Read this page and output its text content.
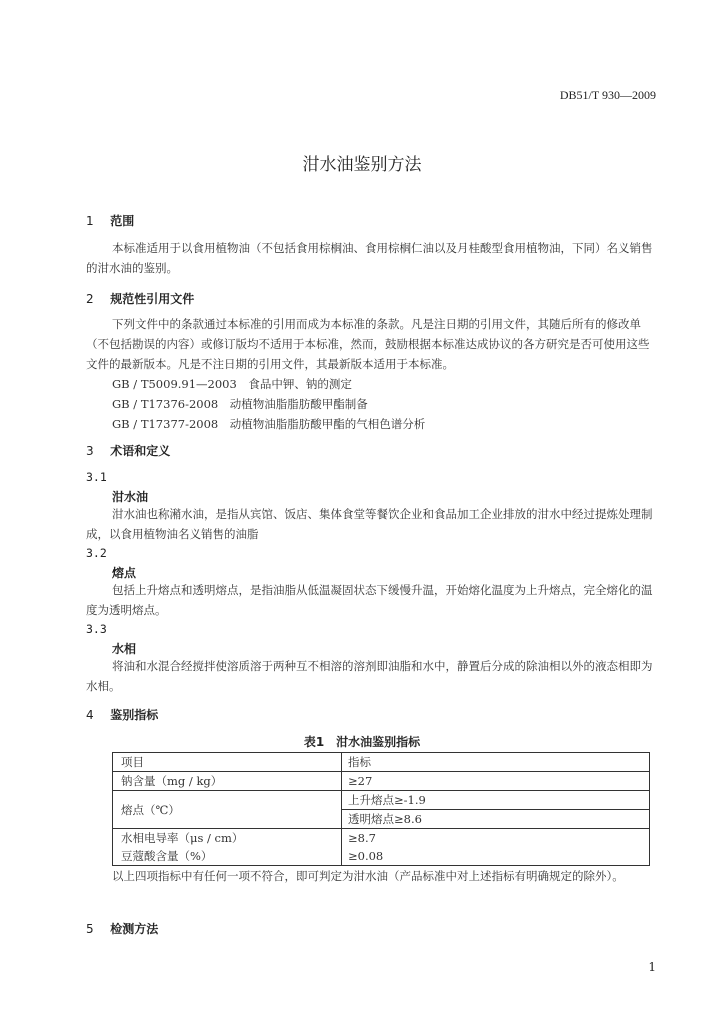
DB51/T 930—2009
泔水油鉴别方法
1 范围
本标准适用于以食用植物油（不包括食用棕榈油、食用棕榈仁油以及月桂酸型食用植物油，下同）名义销售的泔水油的鉴别。
2 规范性引用文件
下列文件中的条款通过本标准的引用而成为本标准的条款。凡是注日期的引用文件，其随后所有的修改单（不包括勘误的内容）或修订版均不适用于本标准，然而，鼓励根据本标准达成协议的各方研究是否可使用这些文件的最新版本。凡是不注日期的引用文件，其最新版本适用于本标准。
GB / T5009.91—2003　食品中钾、钠的测定
GB / T17376-2008　动植物油脂脂肪酸甲酯制备
GB / T17377-2008　动植物油脂脂肪酸甲酯的气相色谱分析
3 术语和定义
3.1
泔水油
泔水油也称潲水油，是指从宾馆、饭店、集体食堂等餐饮企业和食品加工企业排放的泔水中经过提炼处理制成，以食用植物油名义销售的油脂
3.2
熔点
包括上升熔点和透明熔点，是指油脂从低温凝固状态下缓慢升温，开始熔化温度为上升熔点，完全熔化的温度为透明熔点。
3.3
水相
将油和水混合经搅拌使溶质溶于两种互不相溶的溶剂即油脂和水中，静置后分成的除油相以外的液态相即为水相。
4 鉴别指标
表1　泔水油鉴别指标
项目	指标
钠含量（mg / kg）	≥27
熔点（℃）	上升熔点≥-1.9
	透明熔点≥8.6
水相电导率（μs / cm）	≥8.7
豆蔻酸含量（%）	≥0.08
以上四项指标中有任何一项不符合，即可判定为泔水油（产品标准中对上述指标有明确规定的除外）。
5 检测方法
1
